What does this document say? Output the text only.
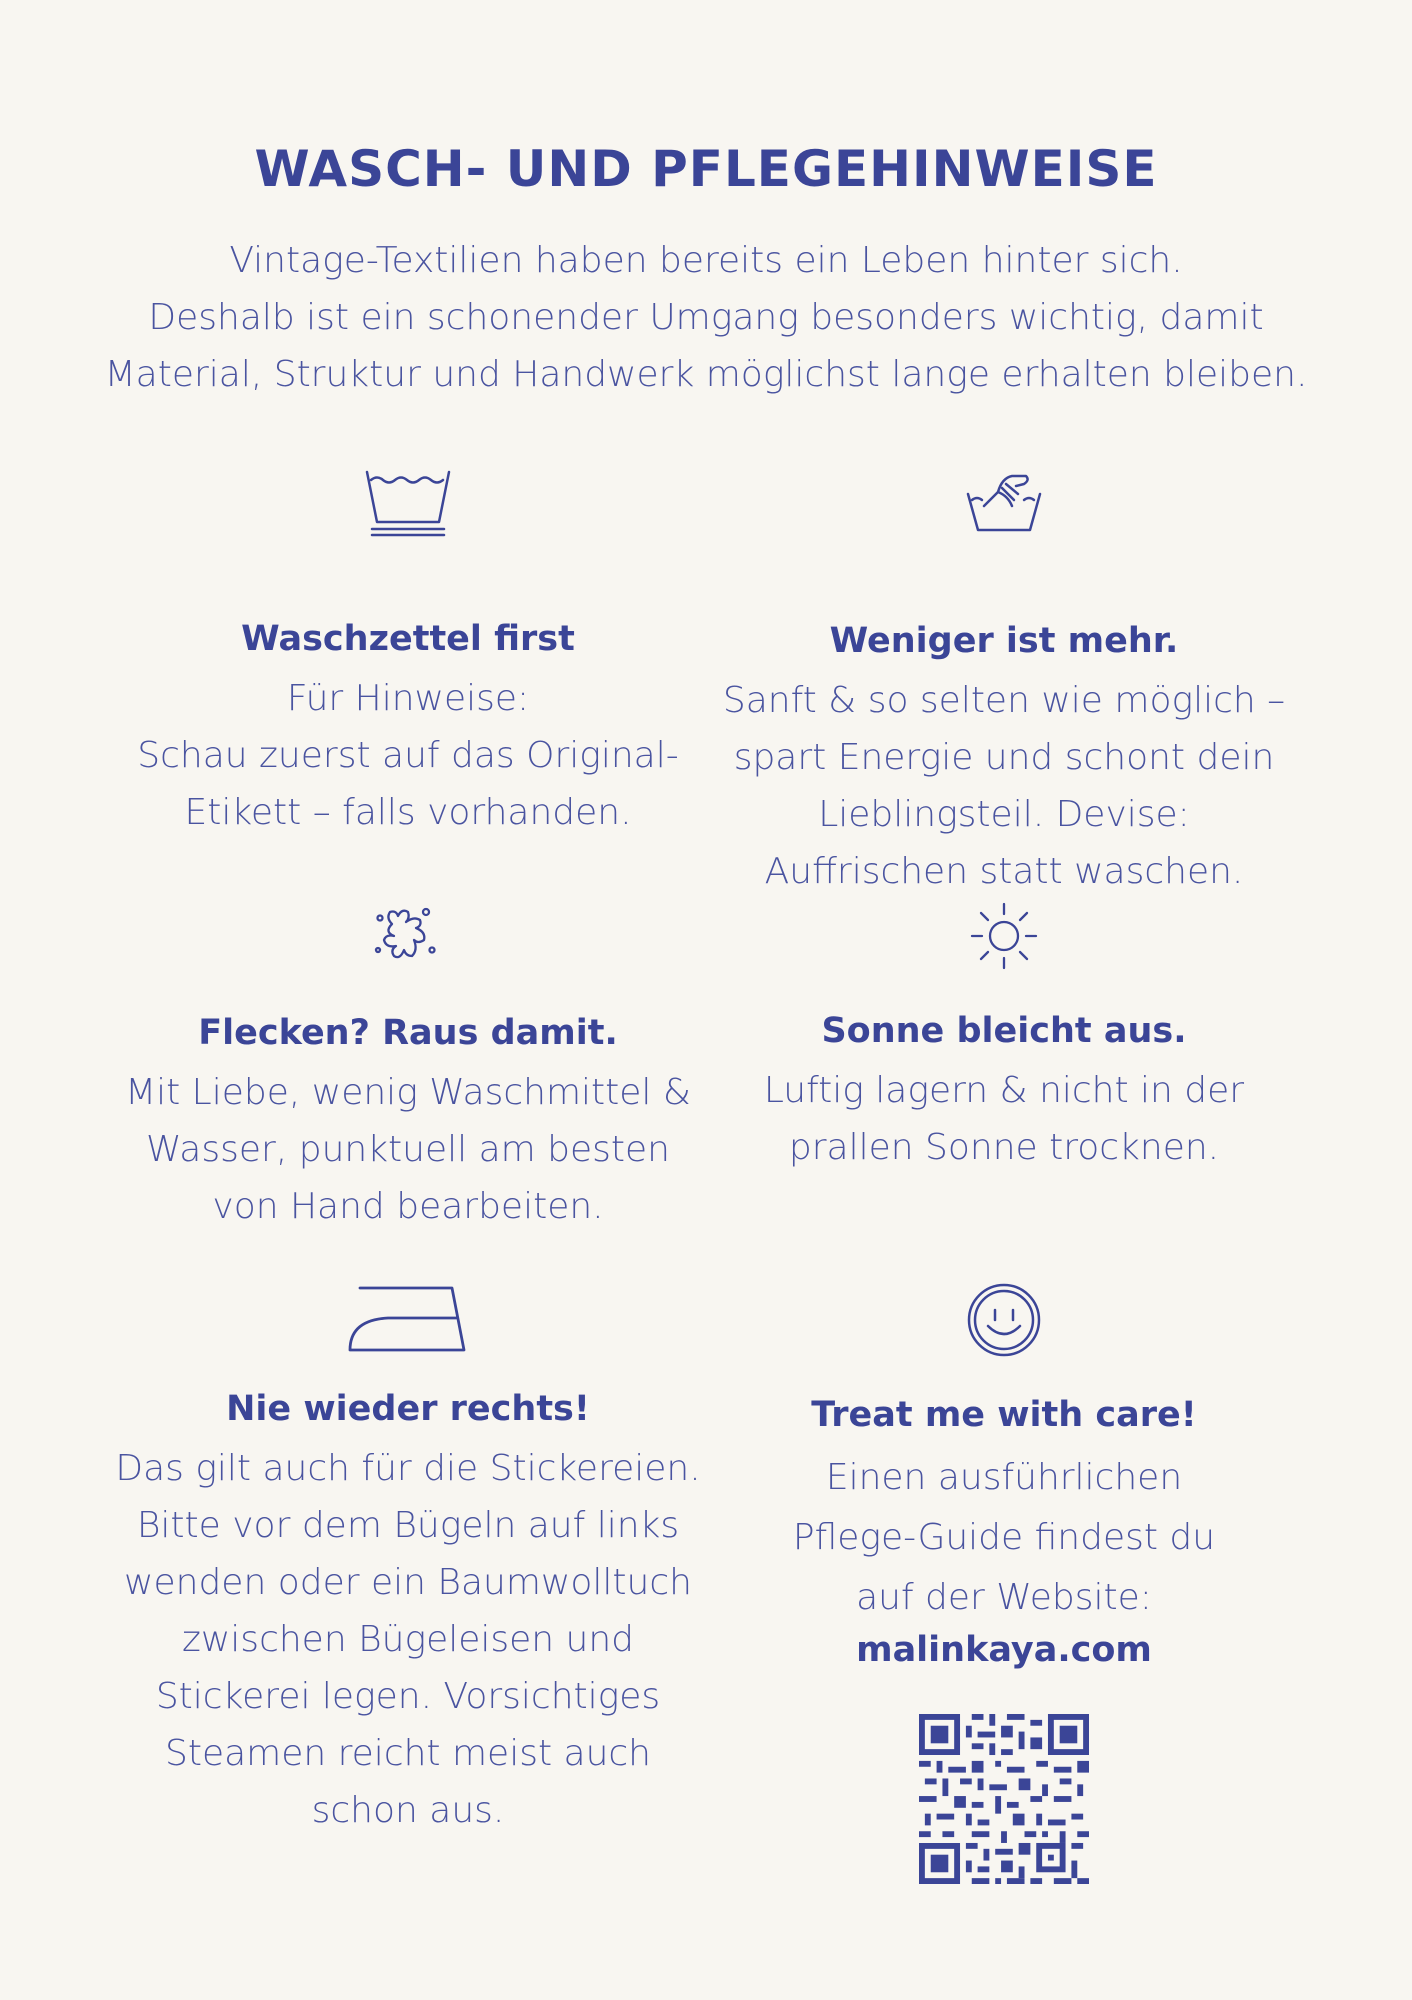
WASCH- UND PFLEGEHINWEISE
Vintage-Textilien haben bereits ein Leben hinter sich.
Deshalb ist ein schonender Umgang besonders wichtig, damit
Material, Struktur und Handwerk möglichst lange erhalten bleiben.
Waschzettel first
Für Hinweise:
Schau zuerst auf das Original-
Etikett – falls vorhanden.
Weniger ist mehr.
Sanft & so selten wie möglich –
spart Energie und schont dein
Lieblingsteil. Devise:
Auffrischen statt waschen.
Flecken? Raus damit.
Mit Liebe, wenig Waschmittel &
Wasser, punktuell am besten
von Hand bearbeiten.
Sonne bleicht aus.
Luftig lagern & nicht in der
prallen Sonne trocknen.
Nie wieder rechts!
Das gilt auch für die Stickereien.
Bitte vor dem Bügeln auf links
wenden oder ein Baumwolltuch
zwischen Bügeleisen und
Stickerei legen. Vorsichtiges
Steamen reicht meist auch
schon aus.
Treat me with care!
Einen ausführlichen
Pflege-Guide findest du
auf der Website:
malinkaya.com
